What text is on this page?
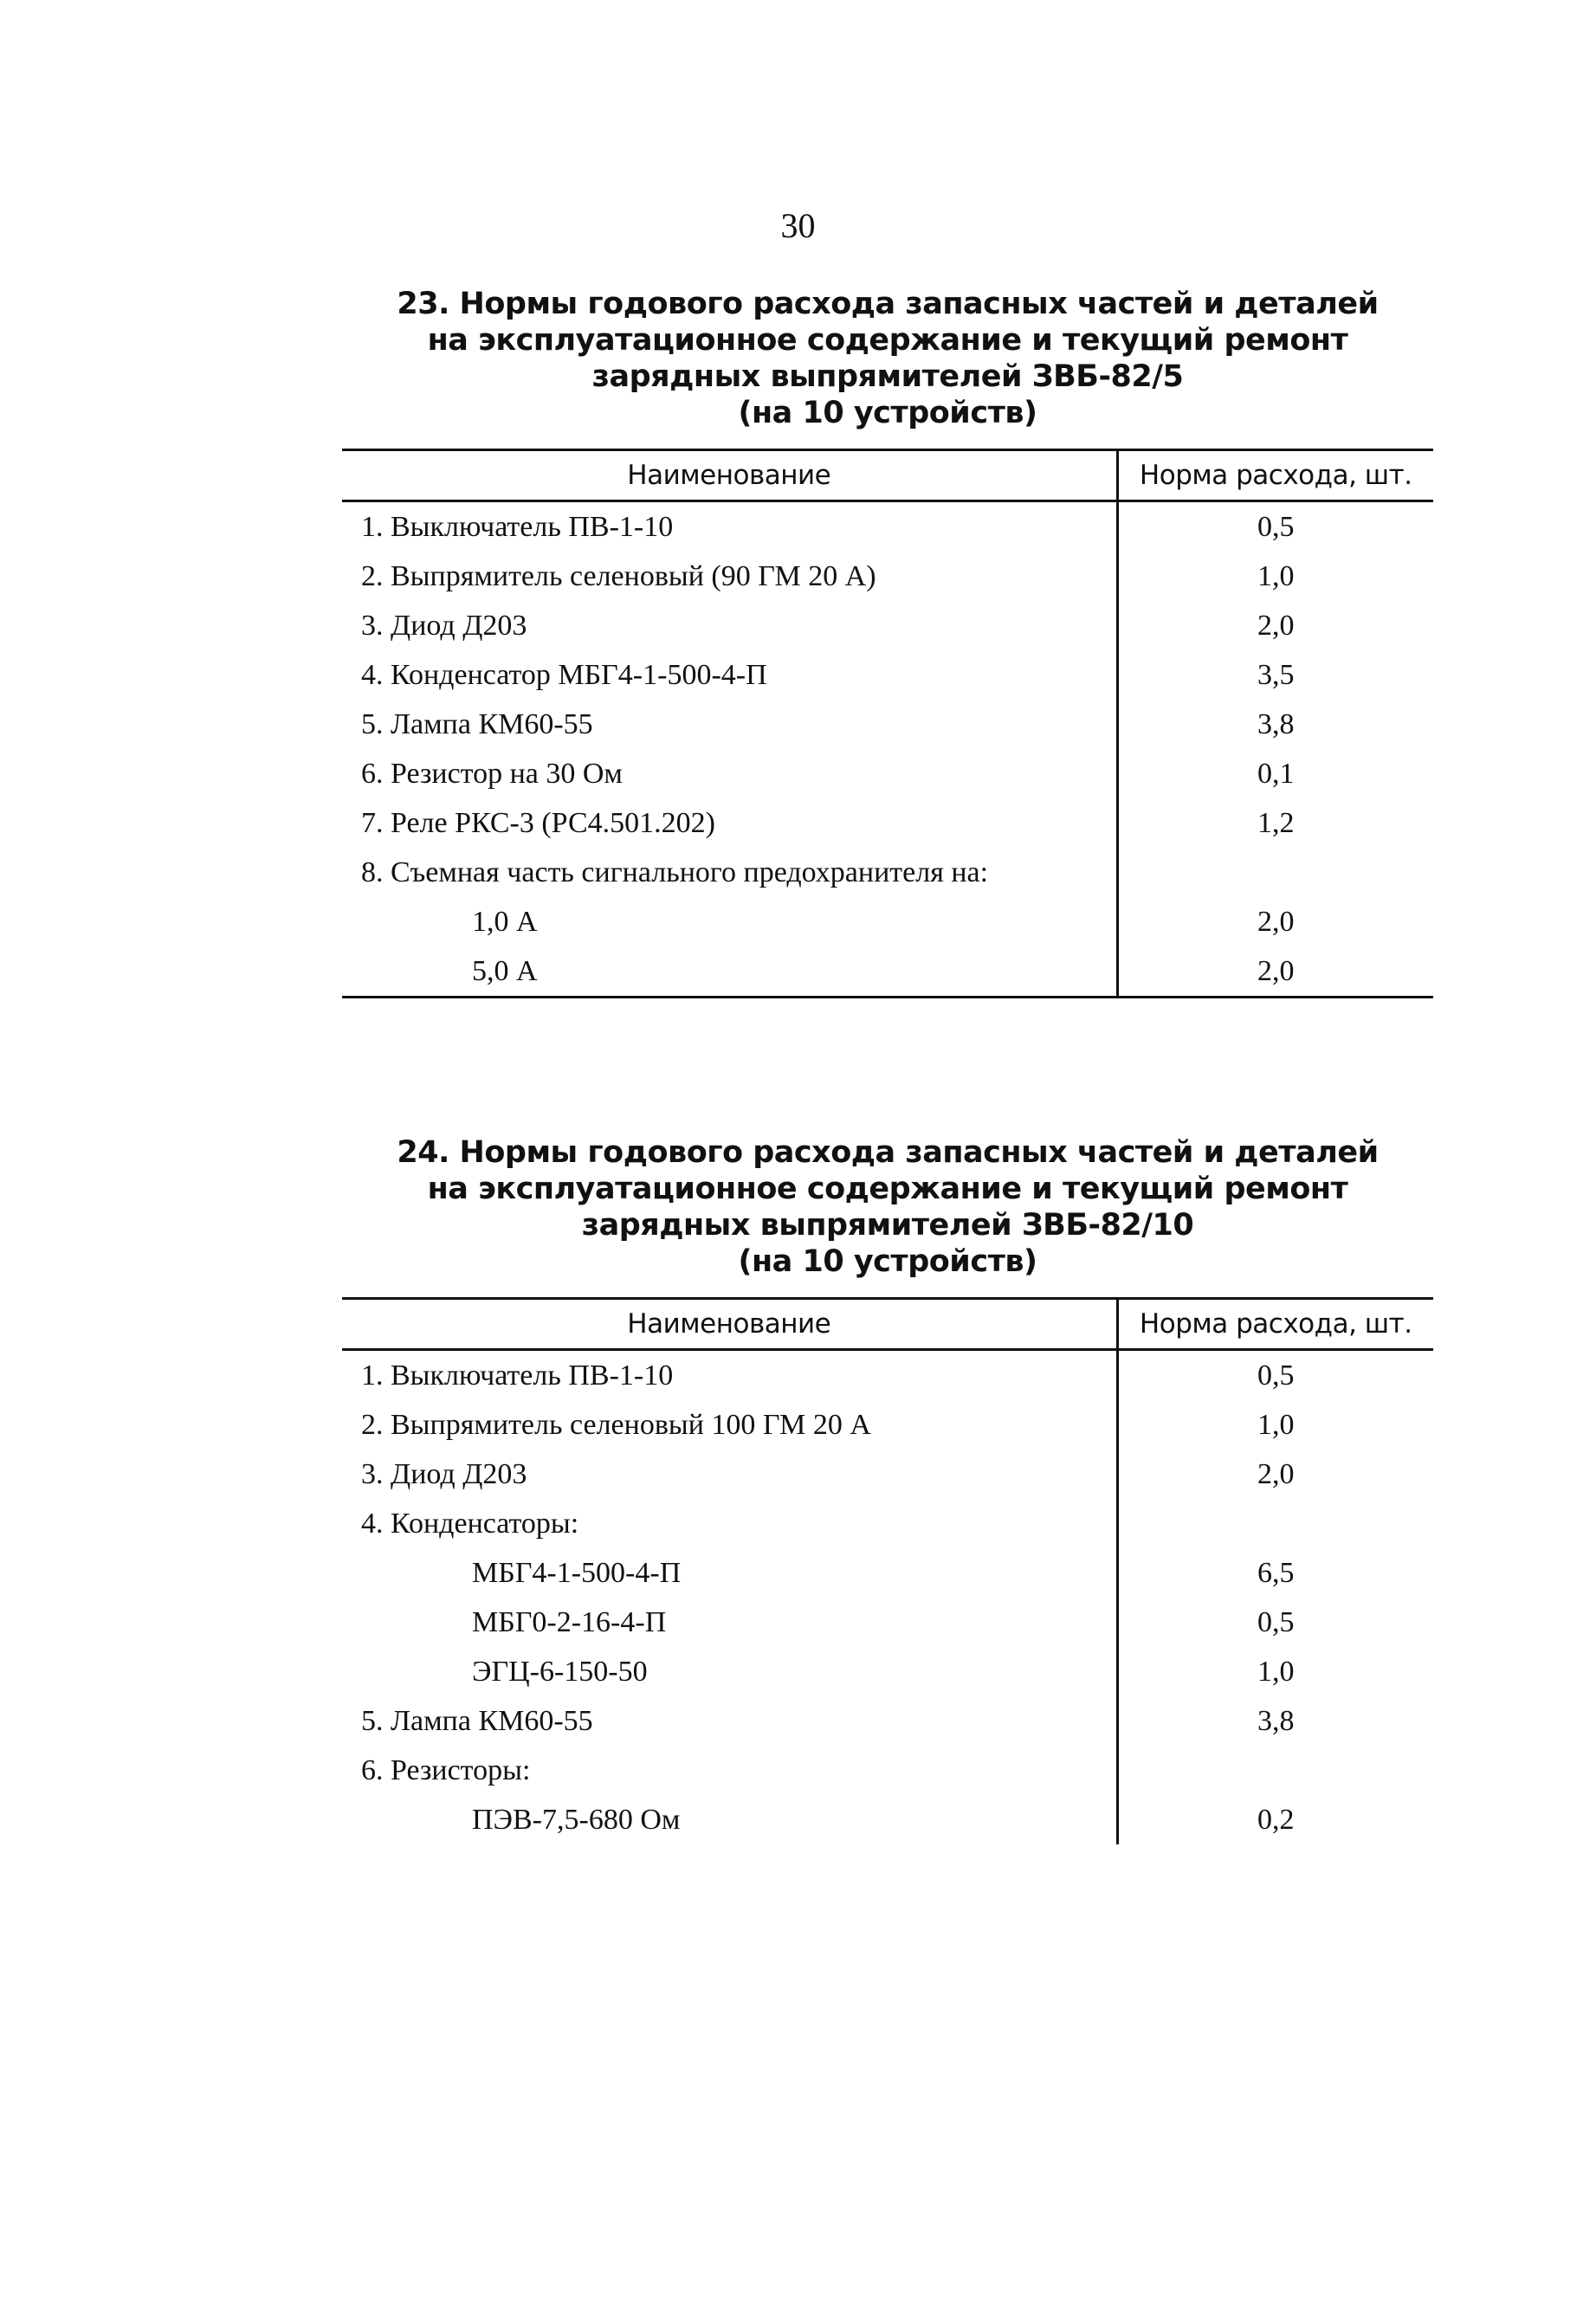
30
23. Нормы годового расхода запасных частей и деталей
на эксплуатационное содержание и текущий ремонт
зарядных выпрямителей ЗВБ-82/5
(на 10 устройств)
Наименование	Норма расхода, шт.
1. Выключатель ПВ-1-10	0,5
2. Выпрямитель селеновый (90 ГМ 20 А)	1,0
3. Диод Д203	2,0
4. Конденсатор МБГ4-1-500-4-П	3,5
5. Лампа КМ60-55	3,8
6. Резистор на 30 Ом	0,1
7. Реле РКС-3 (РС4.501.202)	1,2
8. Съемная часть сигнального предохранителя на:	
1,0 А	2,0
5,0 А	2,0
24. Нормы годового расхода запасных частей и деталей
на эксплуатационное содержание и текущий ремонт
зарядных выпрямителей ЗВБ-82/10
(на 10 устройств)
Наименование	Норма расхода, шт.
1. Выключатель ПВ-1-10	0,5
2. Выпрямитель селеновый 100 ГМ 20 А	1,0
3. Диод Д203	2,0
4. Конденсаторы:	
МБГ4-1-500-4-П	6,5
МБГ0-2-16-4-П	0,5
ЭГЦ-6-150-50	1,0
5. Лампа КМ60-55	3,8
6. Резисторы:	
ПЭВ-7,5-680 Ом	0,2
